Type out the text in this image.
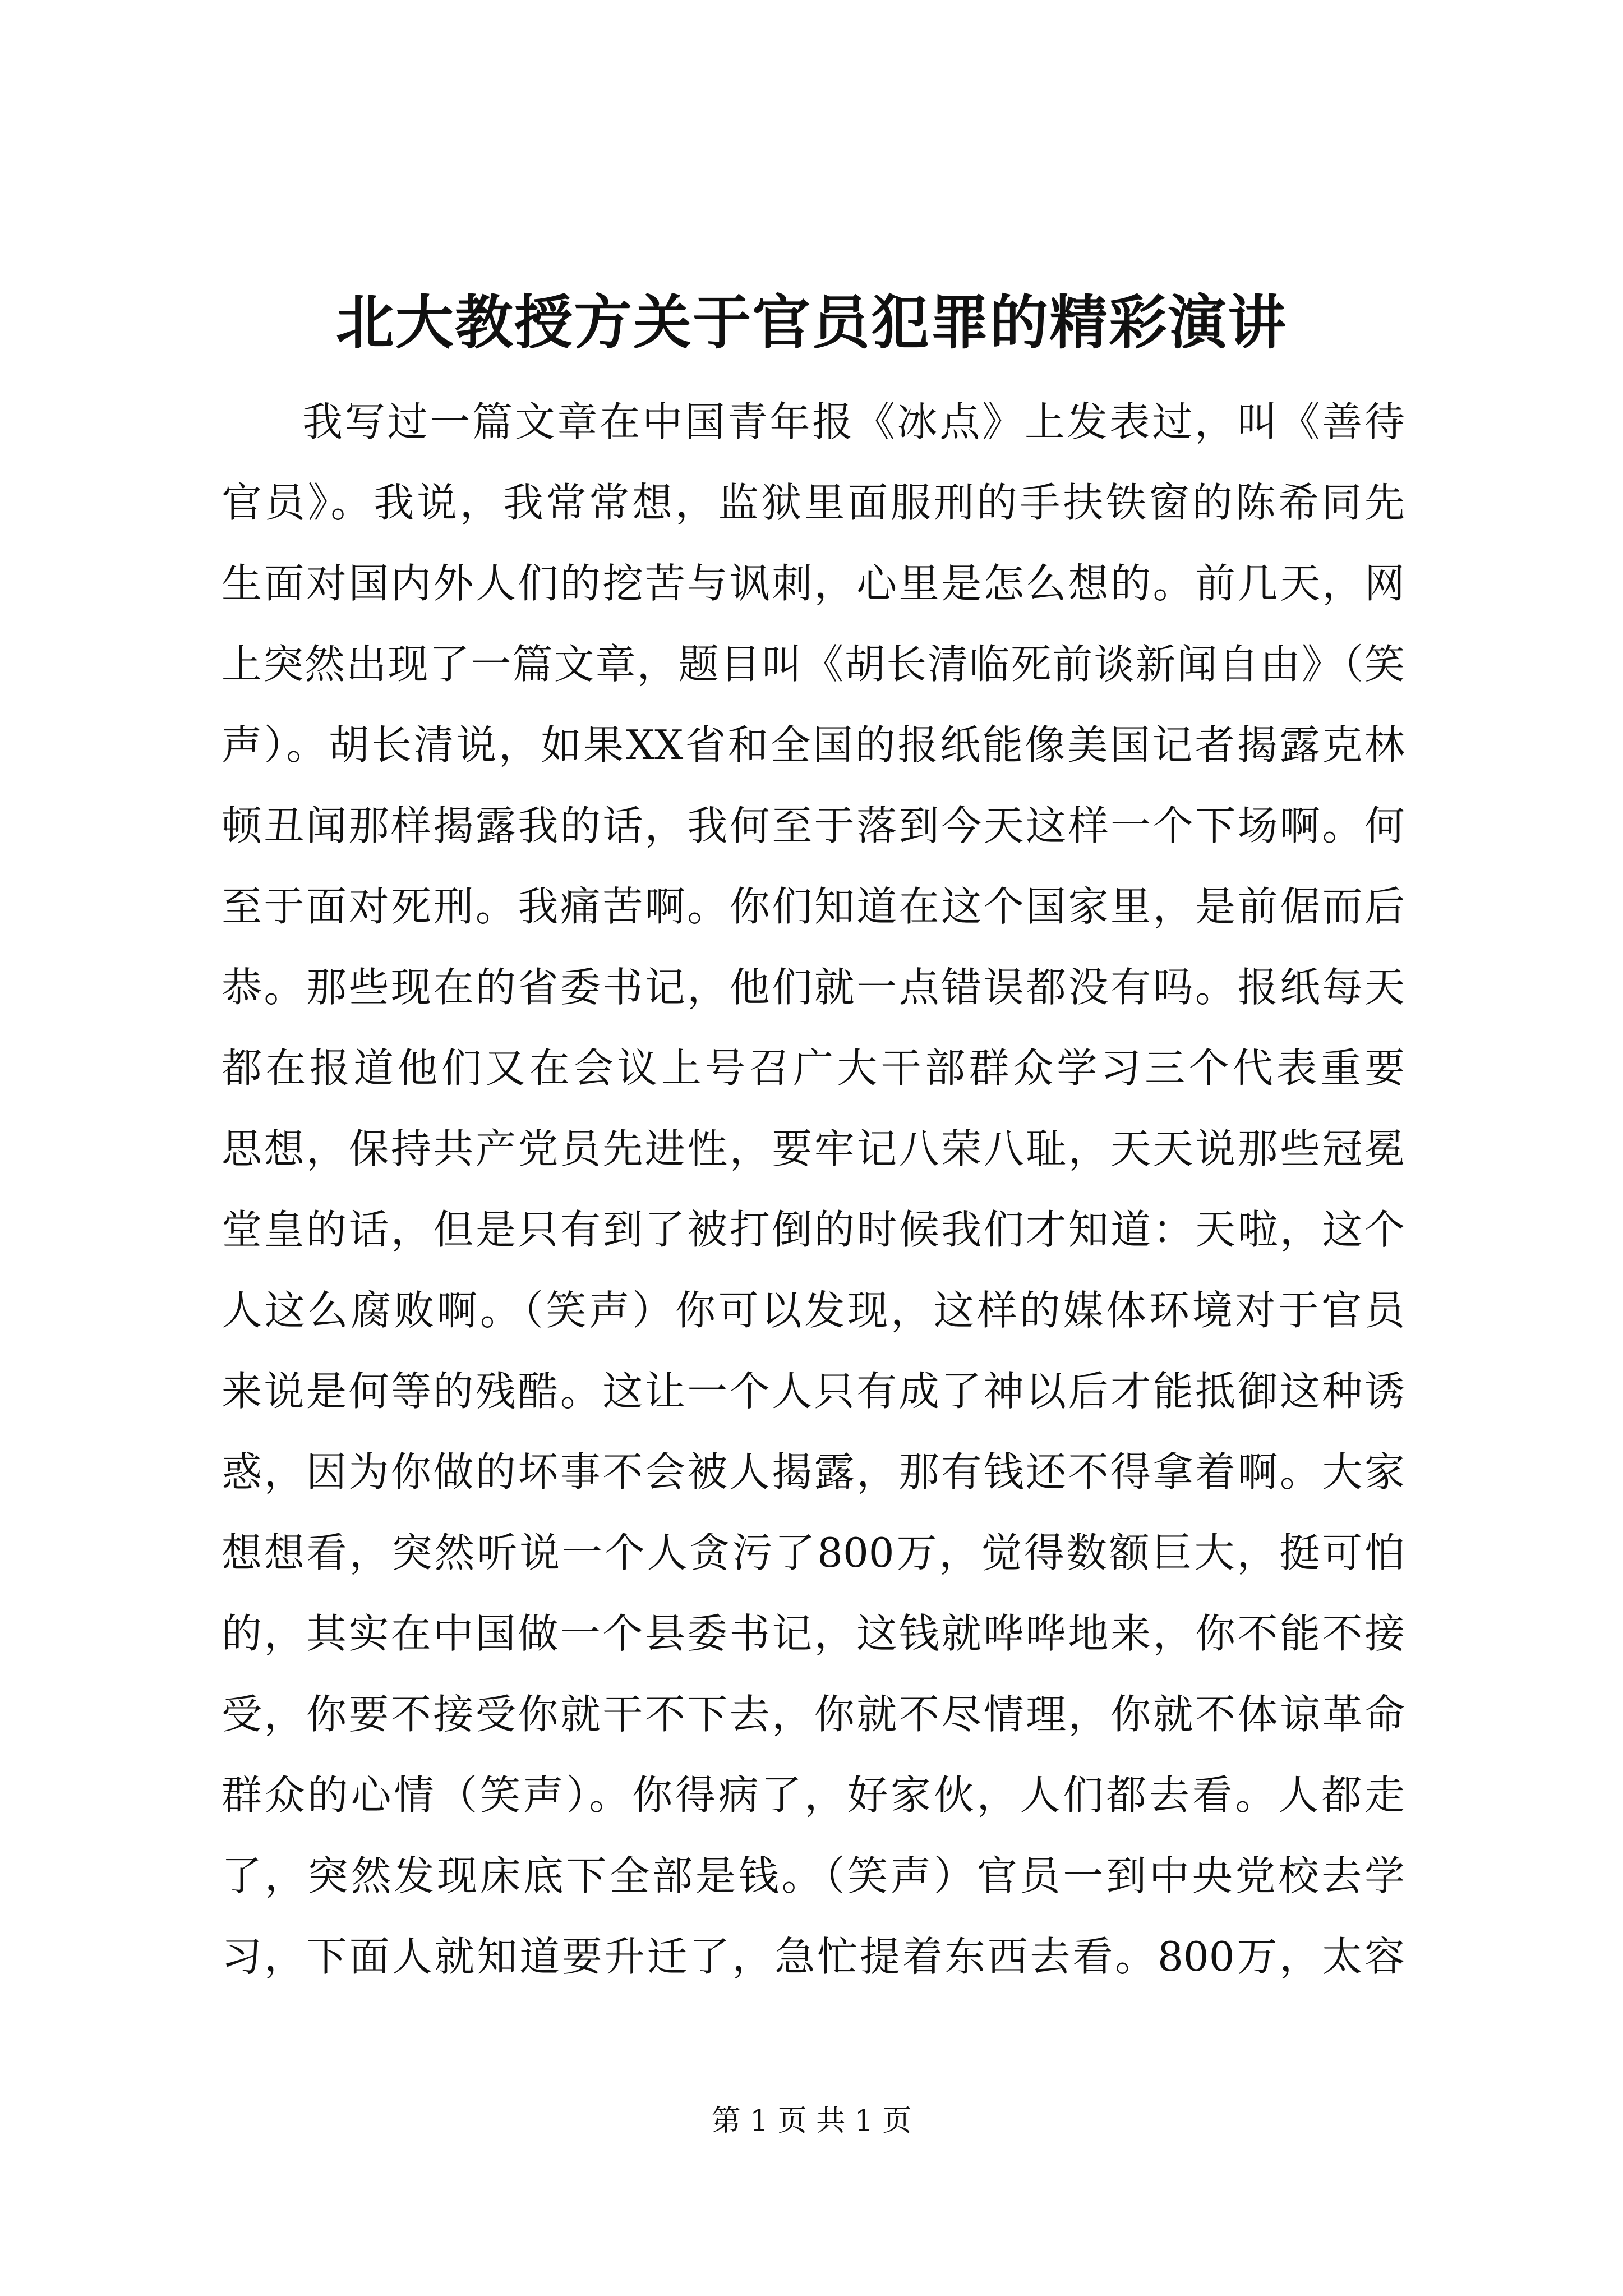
北大教授方关于官员犯罪的精彩演讲
我写过一篇文章在中国青年报《冰点》上发表过，叫《善待
官员》。我说，我常常想，监狱里面服刑的手扶铁窗的陈希同先
生面对国内外人们的挖苦与讽刺，心里是怎么想的。前几天，网
上突然出现了一篇文章，题目叫《胡长清临死前谈新闻自由》（笑
声）。胡长清说，如果XX省和全国的报纸能像美国记者揭露克林
顿丑闻那样揭露我的话，我何至于落到今天这样一个下场啊。何
至于面对死刑。我痛苦啊。你们知道在这个国家里，是前倨而后
恭。那些现在的省委书记，他们就一点错误都没有吗。报纸每天
都在报道他们又在会议上号召广大干部群众学习三个代表重要
思想，保持共产党员先进性，要牢记八荣八耻，天天说那些冠冕
堂皇的话，但是只有到了被打倒的时候我们才知道：天啦，这个
人这么腐败啊。（笑声）你可以发现，这样的媒体环境对于官员
来说是何等的残酷。这让一个人只有成了神以后才能抵御这种诱
惑，因为你做的坏事不会被人揭露，那有钱还不得拿着啊。大家
想想看，突然听说一个人贪污了800万，觉得数额巨大，挺可怕
的，其实在中国做一个县委书记，这钱就哗哗地来，你不能不接
受，你要不接受你就干不下去，你就不尽情理，你就不体谅革命
群众的心情（笑声）。你得病了，好家伙，人们都去看。人都走
了，突然发现床底下全部是钱。（笑声）官员一到中央党校去学
习，下面人就知道要升迁了，急忙提着东西去看。800万，太容
第 1 页 共 1 页
